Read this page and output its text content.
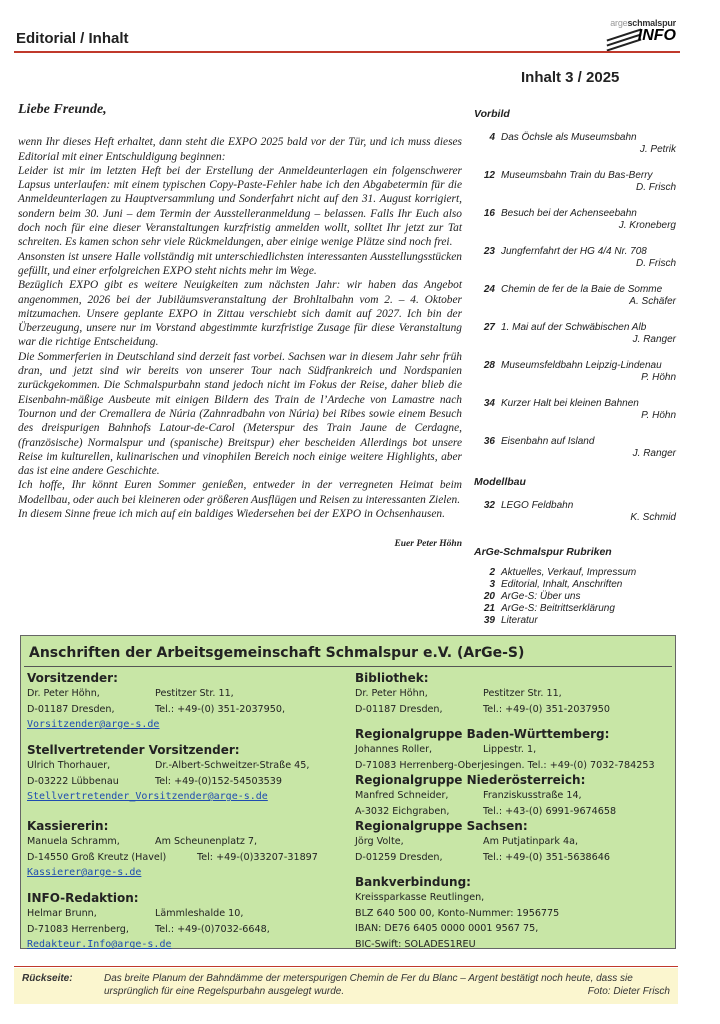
Editorial / Inhalt
argeschmalspur
INFO
Inhalt 3 / 2025
Liebe Freunde,

wenn Ihr dieses Heft erhaltet, dann steht die EXPO 2025 bald vor der Tür, und ich muss dieses Editorial mit einer Entschuldigung beginnen:

Leider ist mir im letzten Heft bei der Erstellung der Anmeldeunterlagen ein folgenschwerer Lapsus unterlaufen: mit einem typischen Copy-Paste-Fehler habe ich den Abgabetermin für die Anmeldeunterlagen zu Hauptversammlung und Sonderfahrt nicht auf den 31. August korrigiert, sondern beim 30. Juni – dem Termin der Ausstelleranmeldung – belassen. Falls Ihr Euch also doch noch für eine dieser Veranstaltungen kurzfristig anmelden wollt, solltet Ihr jetzt zur Tat schreiten. Es kamen schon sehr viele Rückmeldungen, aber einige wenige Plätze sind noch frei.

Ansonsten ist unsere Halle vollständig mit unterschiedlichsten interessanten Ausstellungsstücken gefüllt, und einer erfolgreichen EXPO steht nichts mehr im Wege.

Bezüglich EXPO gibt es weitere Neuigkeiten zum nächsten Jahr: wir haben das Angebot angenommen, 2026 bei der Jubiläumsveranstaltung der Brohltalbahn vom 2. – 4. Oktober mitzumachen. Unsere geplante EXPO in Zittau verschiebt sich damit auf 2027. Ich bin der Überzeugung, unsere nur im Vorstand abgestimmte kurzfristige Zusage für diese Veranstaltung war die richtige Entscheidung.

Die Sommerferien in Deutschland sind derzeit fast vorbei. Sachsen war in diesem Jahr sehr früh dran, und jetzt sind wir bereits von unserer Tour nach Südfrankreich und Nordspanien zurückgekommen. Die Schmalspurbahn stand jedoch nicht im Fokus der Reise, daher blieb die Eisenbahn-mäßige Ausbeute mit einigen Bildern des Train de l’Ardeche von Lamastre nach Tournon und der Cremallera de Núria (Zahnradbahn von Núria) bei Ribes sowie einem Besuch des dreispurigen Bahnhofs Latour-de-Carol (Meterspur des Train Jaune de Cerdagne, (französische) Normalspur und (spanische) Breitspur) eher bescheiden Allerdings bot unsere Reise im kulturellen, kulinarischen und vinophilen Bereich noch einige weitere Highlights, aber das ist eine andere Geschichte.

Ich hoffe, Ihr könnt Euren Sommer genießen, entweder in der verregneten Heimat beim Modellbau, oder auch bei kleineren oder größeren Ausflügen und Reisen zu interessanten Zielen.

In diesem Sinne freue ich mich auf ein baldiges Wiedersehen bei der EXPO in Ochsenhausen.

Euer Peter Höhn
Vorbild
4 Das Öchsle als Museumsbahn
J. Petrik
12 Museumsbahn Train du Bas-Berry
D. Frisch
16 Besuch bei der Achenseebahn
J. Kroneberg
23 Jungfernfahrt der HG 4/4 Nr. 708
D. Frisch
24 Chemin de fer de la Baie de Somme
A. Schäfer
27 1. Mai auf der Schwäbischen Alb
J. Ranger
28 Museumsfeldbahn Leipzig-Lindenau
P. Höhn
34 Kurzer Halt bei kleinen Bahnen
P. Höhn
36 Eisenbahn auf Island
J. Ranger
Modellbau
32 LEGO Feldbahn
K. Schmid
ArGe-Schmalspur Rubriken
2 Aktuelles, Verkauf, Impressum
3 Editorial, Inhalt, Anschriften
20 ArGe-S: Über uns
21 ArGe-S: Beitrittserklärung
39 Literatur
Anschriften der Arbeitsgemeinschaft Schmalspur e.V. (ArGe-S)
Vorsitzender:
Dr. Peter Höhn,	Pestitzer Str. 11,
D-01187 Dresden,	Tel.: +49-(0) 351-2037950,
Vorsitzender@arge-s.de
Stellvertretender Vorsitzender:
Ulrich Thorhauer,	Dr.-Albert-Schweitzer-Straße 45,
D-03222 Lübbenau	Tel: +49-(0)152-54503539
Stellvertretender_Vorsitzender@arge-s.de
Kassiererin:
Manuela Schramm,	Am Scheunenplatz 7,
D-14550 Groß Kreutz (Havel)	Tel: +49-(0)33207-31897
Kassierer@arge-s.de
INFO-Redaktion:
Helmar Brunn,	Lämmleshalde 10,
D-71083 Herrenberg,	Tel.: +49-(0)7032-6648,
Redakteur.Info@arge-s.de
Bibliothek:
Dr. Peter Höhn,	Pestitzer Str. 11,
D-01187 Dresden,	Tel.: +49-(0) 351-2037950
Regionalgruppe Baden-Württemberg:
Johannes Roller,	Lippestr. 1,
D-71083 Herrenberg-Oberjesingen. Tel.: +49-(0) 7032-784253
Regionalgruppe Niederösterreich:
Manfred Schneider,	Franziskusstraße 14,
A-3032 Eichgraben,	Tel.: +43-(0) 6991-9674658
Regionalgruppe Sachsen:
Jörg Volte,	Am Putjatinpark 4a,
D-01259 Dresden,	Tel.: +49-(0) 351-5638646
Bankverbindung:
Kreissparkasse Reutlingen,
BLZ 640 500 00, Konto-Nummer: 1956775
IBAN: DE76 6405 0000 0001 9567 75,
BIC-Swift: SOLADES1REU
Rückseite:	Das breite Planum der Bahndämme der meterspurigen Chemin de Fer du Blanc – Argent bestätigt noch heute, dass sie ursprünglich für eine Regelspurbahn ausgelegt wurde.	Foto: Dieter Frisch
